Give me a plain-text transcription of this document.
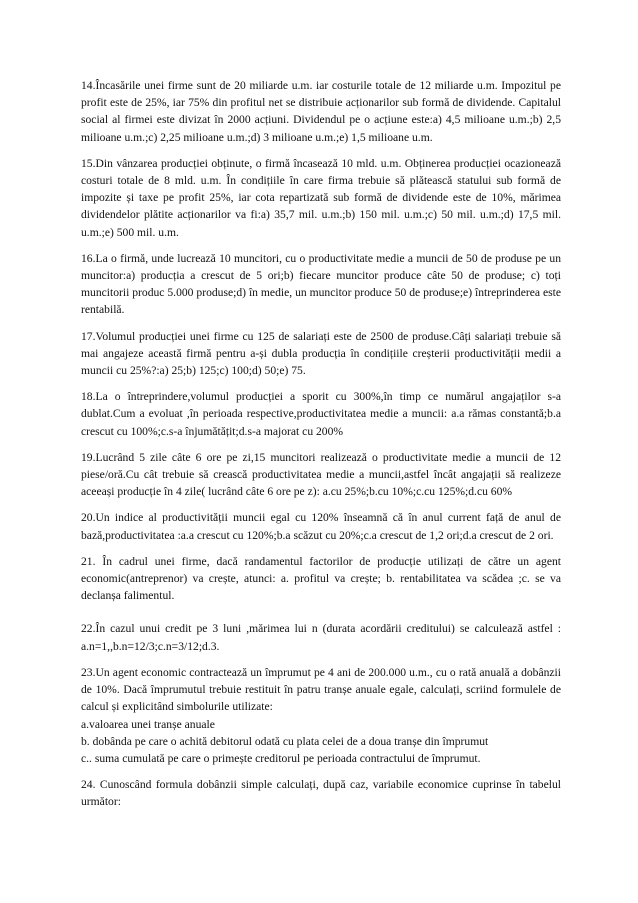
14.Încasările unei firme sunt de 20 miliarde u.m. iar costurile totale de 12 miliarde u.m. Impozitul pe profit este de 25%, iar 75% din profitul net se distribuie acționarilor sub formă de dividende. Capitalul social al firmei este divizat în 2000 acțiuni. Dividendul pe o acțiune este:a) 4,5 milioane u.m.;b) 2,5 milioane u.m.;c) 2,25 milioane u.m.;d) 3 milioane u.m.;e) 1,5 milioane u.m.

15.Din vânzarea producției obținute, o firmă încasează 10 mld. u.m. Obținerea producției ocazionează costuri totale de 8 mld. u.m. În condițiile în care firma trebuie să plătească statului sub formă de impozite și taxe pe profit 25%, iar cota repartizată sub formă de dividende este de 10%, mărimea dividendelor plătite acționarilor va fi:a) 35,7 mil. u.m.;b) 150 mil. u.m.;c) 50 mil. u.m.;d) 17,5 mil. u.m.;e) 500 mil. u.m.

16.La o firmă, unde lucrează 10 muncitori, cu o productivitate medie a muncii de 50 de produse pe un muncitor:a) producția a crescut de 5 ori;b) fiecare muncitor produce câte 50 de produse; c) toți muncitorii produc 5.000 produse;d) în medie, un muncitor produce 50 de produse;e) întreprinderea este rentabilă.

17.Volumul producției unei firme cu 125 de salariați este de 2500 de produse.Câți salariați trebuie să mai angajeze această firmă pentru a-și dubla producția în condițiile creșterii productivității medii a muncii cu 25%?:a) 25;b) 125;c) 100;d) 50;e) 75.

18.La o întreprindere,volumul producției a sporit cu 300%,în timp ce numărul angajaților s-a dublat.Cum a evoluat ,în perioada respective,productivitatea medie a muncii: a.a rămas constantă;b.a crescut cu 100%;c.s-a înjumătățit;d.s-a majorat cu 200%

19.Lucrând 5 zile câte 6 ore pe zi,15 muncitori realizează o productivitate medie a muncii de 12 piese/oră.Cu cât trebuie să crească productivitatea medie a muncii,astfel încât angajații să realizeze aceeași producție în 4 zile( lucrând câte 6 ore pe z): a.cu 25%;b.cu 10%;c.cu 125%;d.cu 60%

20.Un indice al productivității muncii egal cu 120% înseamnă că în anul current față de anul de bază,productivitatea :a.a crescut cu 120%;b.a scăzut cu 20%;c.a crescut de 1,2 ori;d.a crescut de 2 ori.

21. În cadrul unei firme, dacă randamentul factorilor de producție utilizați de către un agent economic(antreprenor) va crește, atunci: a. profitul va crește; b. rentabilitatea va scădea ;c. se va declanșa falimentul.

22.În cazul unui credit pe 3 luni ,mărimea lui n (durata acordării creditului) se calculează astfel : a.n=1,,b.n=12/3;c.n=3/12;d.3.

23.Un agent economic contractează un împrumut pe 4 ani de 200.000 u.m., cu o rată anuală a dobânzii de 10%. Dacă împrumutul trebuie restituit în patru tranșe anuale egale, calculați, scriind formulele de calcul și explicitând simbolurile utilizate:
a.valoarea unei tranșe anuale
b. dobânda pe care o achită debitorul odată cu plata celei de a doua tranșe din împrumut
c.. suma cumulată pe care o primește creditorul pe perioada contractului de împrumut.

24. Cunoscând formula dobânzii simple calculați, după caz, variabile economice cuprinse în tabelul următor:
